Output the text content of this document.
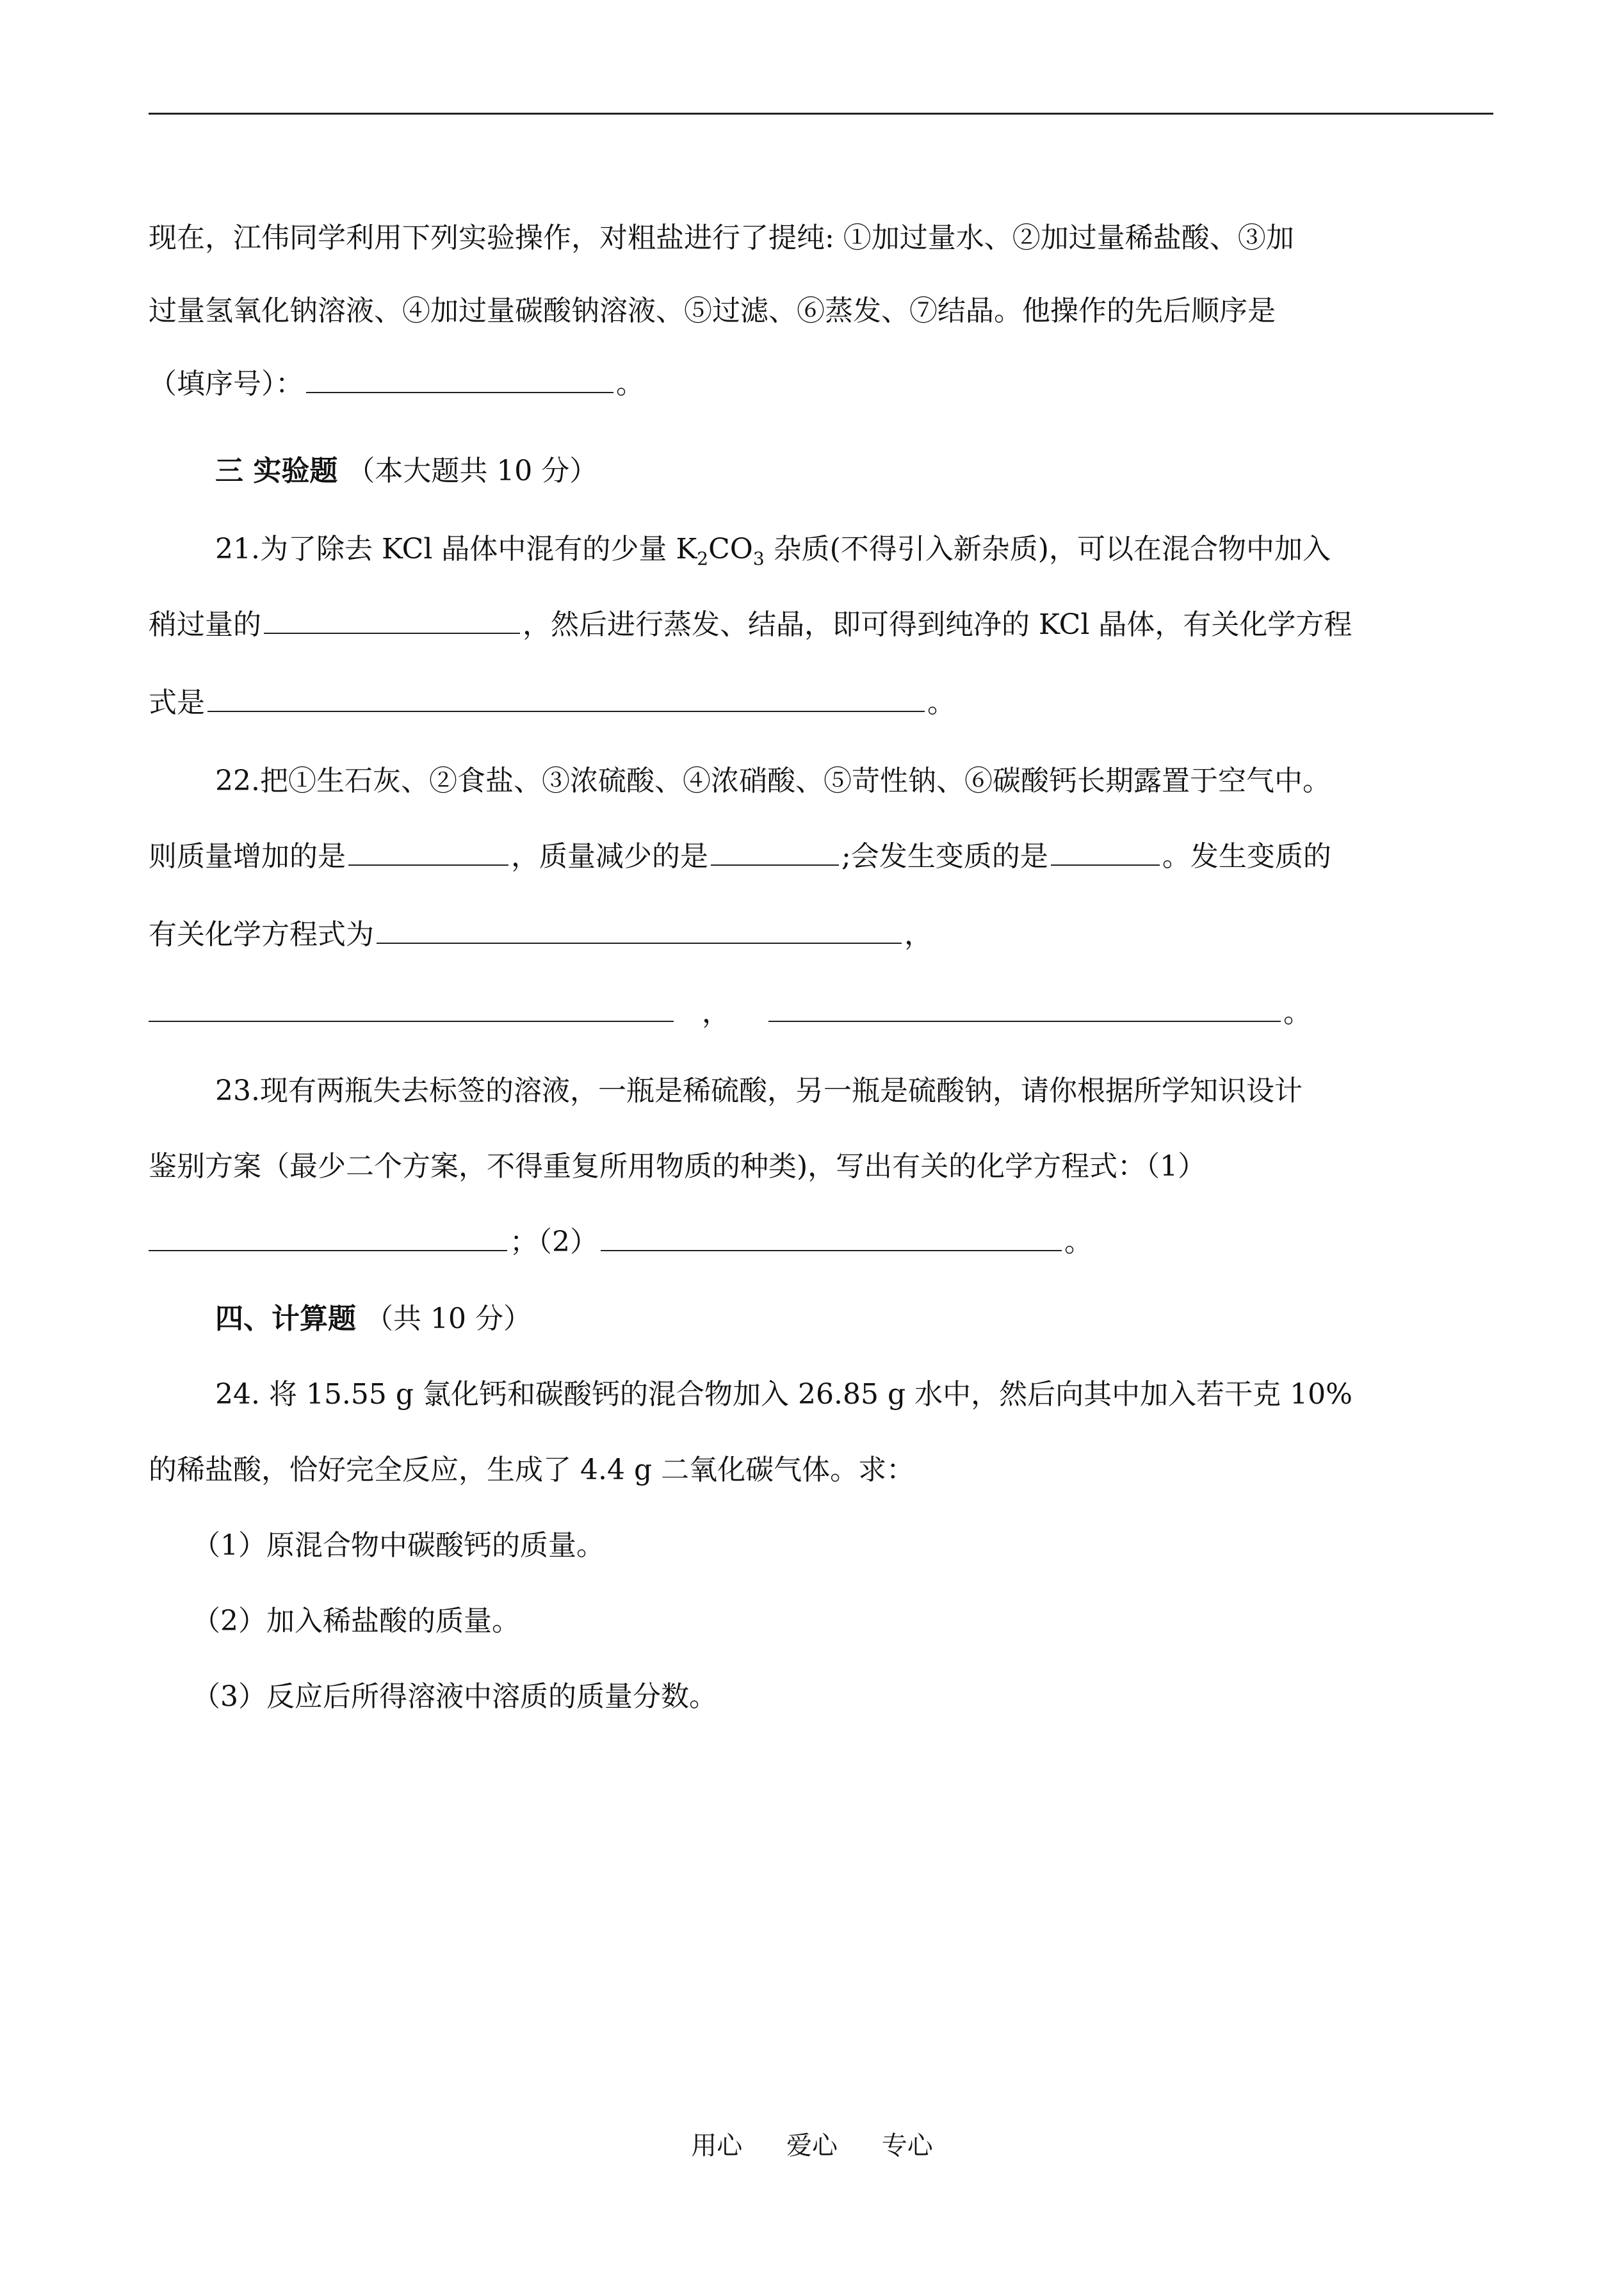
现在，江伟同学利用下列实验操作，对粗盐进行了提纯: ①加过量水、②加过量稀盐酸、③加
过量氢氧化钠溶液、④加过量碳酸钠溶液、⑤过滤、⑥蒸发、⑦结晶。他操作的先后顺序是
（填序号）：	。
三 实验题 （本大题共 10 分）
21.为了除去 KCl 晶体中混有的少量 $K_2CO_3$ 杂质(不得引入新杂质)，可以在混合物中加入
稍过量的	，然后进行蒸发、结晶，即可得到纯净的 KCl 晶体，有关化学方程
式是	。
22.把①生石灰、②食盐、③浓硫酸、④浓硝酸、⑤苛性钠、⑥碳酸钙长期露置于空气中。
则质量增加的是	，质量减少的是	;会发生变质的是	。发生变质的
有关化学方程式为	，
，	。
23.现有两瓶失去标签的溶液，一瓶是稀硫酸，另一瓶是硫酸钠，请你根据所学知识设计
鉴别方案（最少二个方案，不得重复所用物质的种类)，写出有关的化学方程式：（1）
；（2）	。
四、计算题 （共 10 分）
24. 将 15.55 g 氯化钙和碳酸钙的混合物加入 26.85 g 水中，然后向其中加入若干克 10%
的稀盐酸，恰好完全反应，生成了 4.4 g 二氧化碳气体。求：
（1）原混合物中碳酸钙的质量。
（2）加入稀盐酸的质量。
（3）反应后所得溶液中溶质的质量分数。
用心 爱心 专心
